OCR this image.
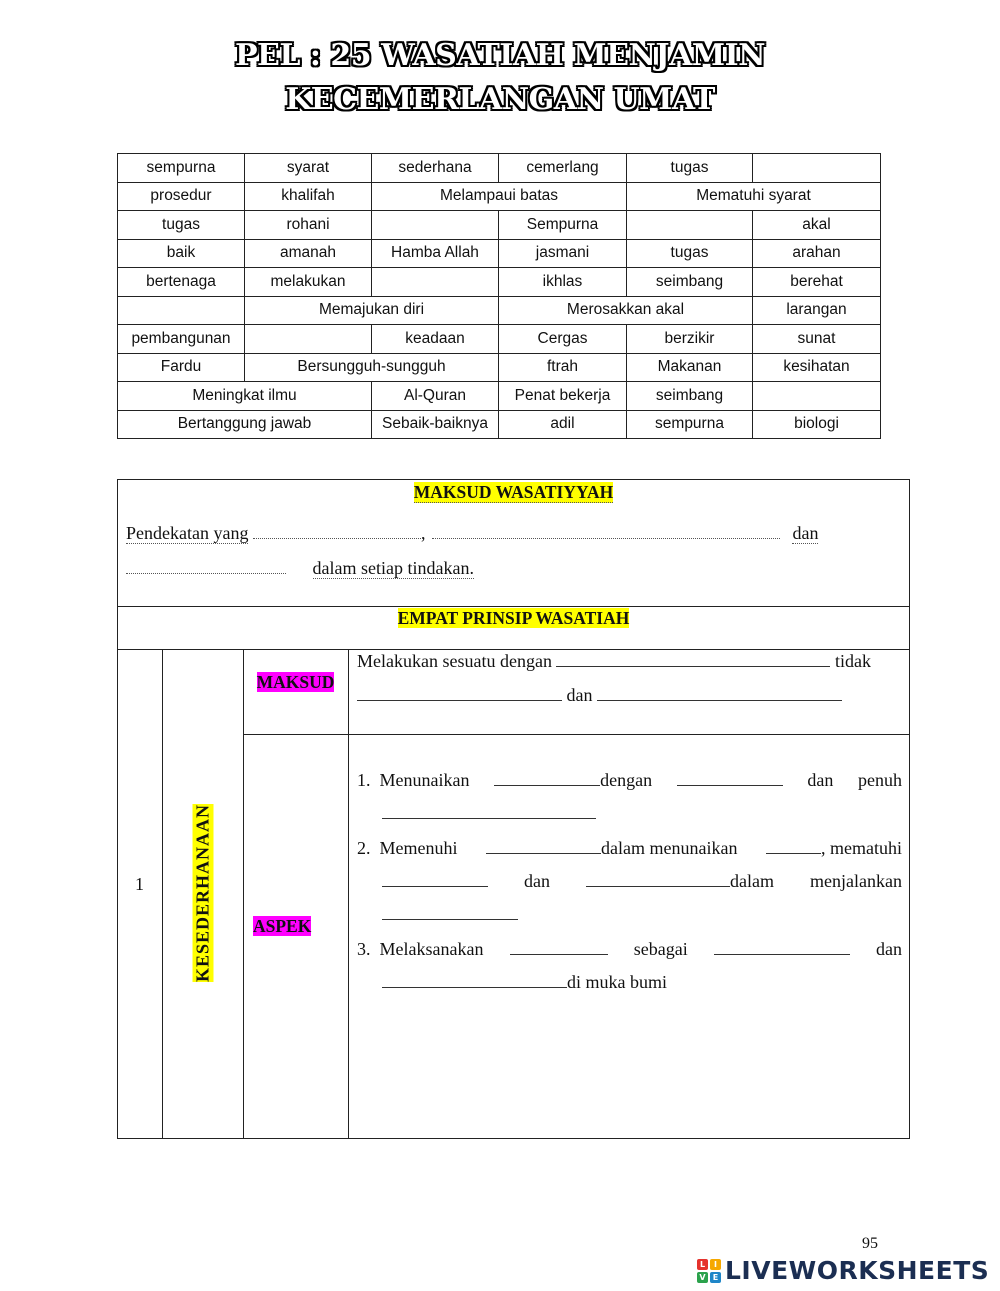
PEL : 25 WASATIAH MENJAMIN
KECEMERLANGAN UMAT
sempurna	syarat	sederhana	cemerlang	tugas	
prosedur	khalifah	Melampaui batas		Mematuhi syarat	
tugas	rohani		Sempurna		akal
baik	amanah	Hamba Allah	jasmani	tugas	arahan
bertenaga	melakukan		ikhlas	seimbang	berehat
	Memajukan diri		Merosakkan akal		larangan
pembangunan		keadaan	Cergas	berzikir	sunat
Fardu	Bersungguh-sungguh		ftrah	Makanan	kesihatan
Meningkat ilmu		Al-Quran	Penat bekerja	seimbang	
Bertanggung jawab		Sebaik-baiknya	adil	sempurna	biologi
MAKSUD WASATIYYAH
Pendekatan yang	,	dan
dalam setiap tindakan.
EMPAT PRINSIP WASATIAH
1	KESEDERHANAAN
MAKSUD
ASPEK
Melakukan sesuatu dengan	tidak
dan
1. Menunaikan	dengan	dan penuh
2. Memenuhi	dalam menunaikan	, mematuhi
dan	dalam menjalankan
3. Melaksanakan	sebagai	dan
di muka bumi
95
L	I
V E LIVEWORKSHEETS
